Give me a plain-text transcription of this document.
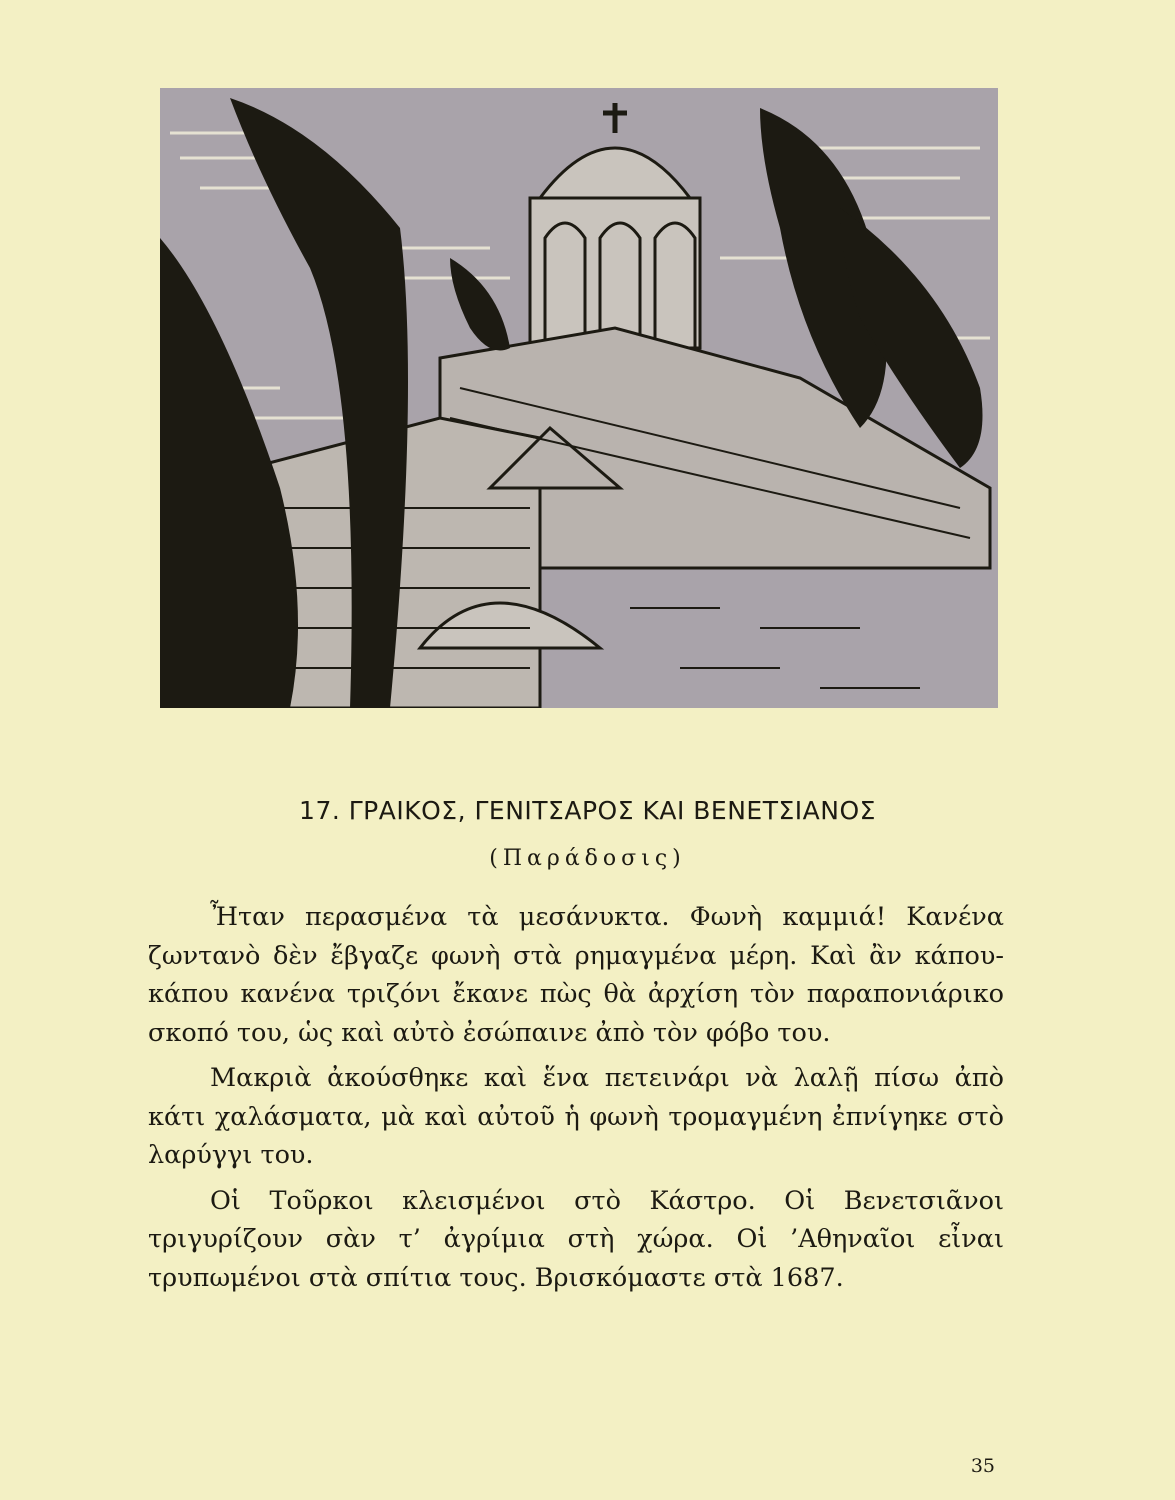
17. ΓΡΑΙΚΟΣ, ΓΕΝΙΤΣΑΡΟΣ ΚΑΙ ΒΕΝΕΤΣΙΑΝΟΣ
(Παράδοσις)

Ἦταν περασμένα τὰ μεσάνυκτα. Φωνὴ καμμιά! Κανένα ζωντανὸ δὲν ἔβγαζε φωνὴ στὰ ρημαγμένα μέρη. Καὶ ἂν κάπου-κάπου κανένα τριζόνι ἔκανε πὼς θὰ ἀρχίση τὸν παραπονιάρικο σκοπό του, ὡς καὶ αὐτὸ ἐσώπαινε ἀπὸ τὸν φόβο του.

Μακριὰ ἀκούσθηκε καὶ ἕνα πετεινάρι νὰ λαλῇ πίσω ἀπὸ κάτι χαλάσματα, μὰ καὶ αὐτοῦ ἡ φωνὴ τρομαγμένη ἐπνίγηκε στὸ λαρύγγι του.

Οἱ Τοῦρκοι κλεισμένοι στὸ Κάστρο. Οἱ Βενετσιᾶνοι τριγυρίζουν σὰν τ’ ἀγρίμια στὴ χώρα. Οἱ ’Αθηναῖοι εἶναι τρυπωμένοι στὰ σπίτια τους. Βρισκόμαστε στὰ 1687.

35
